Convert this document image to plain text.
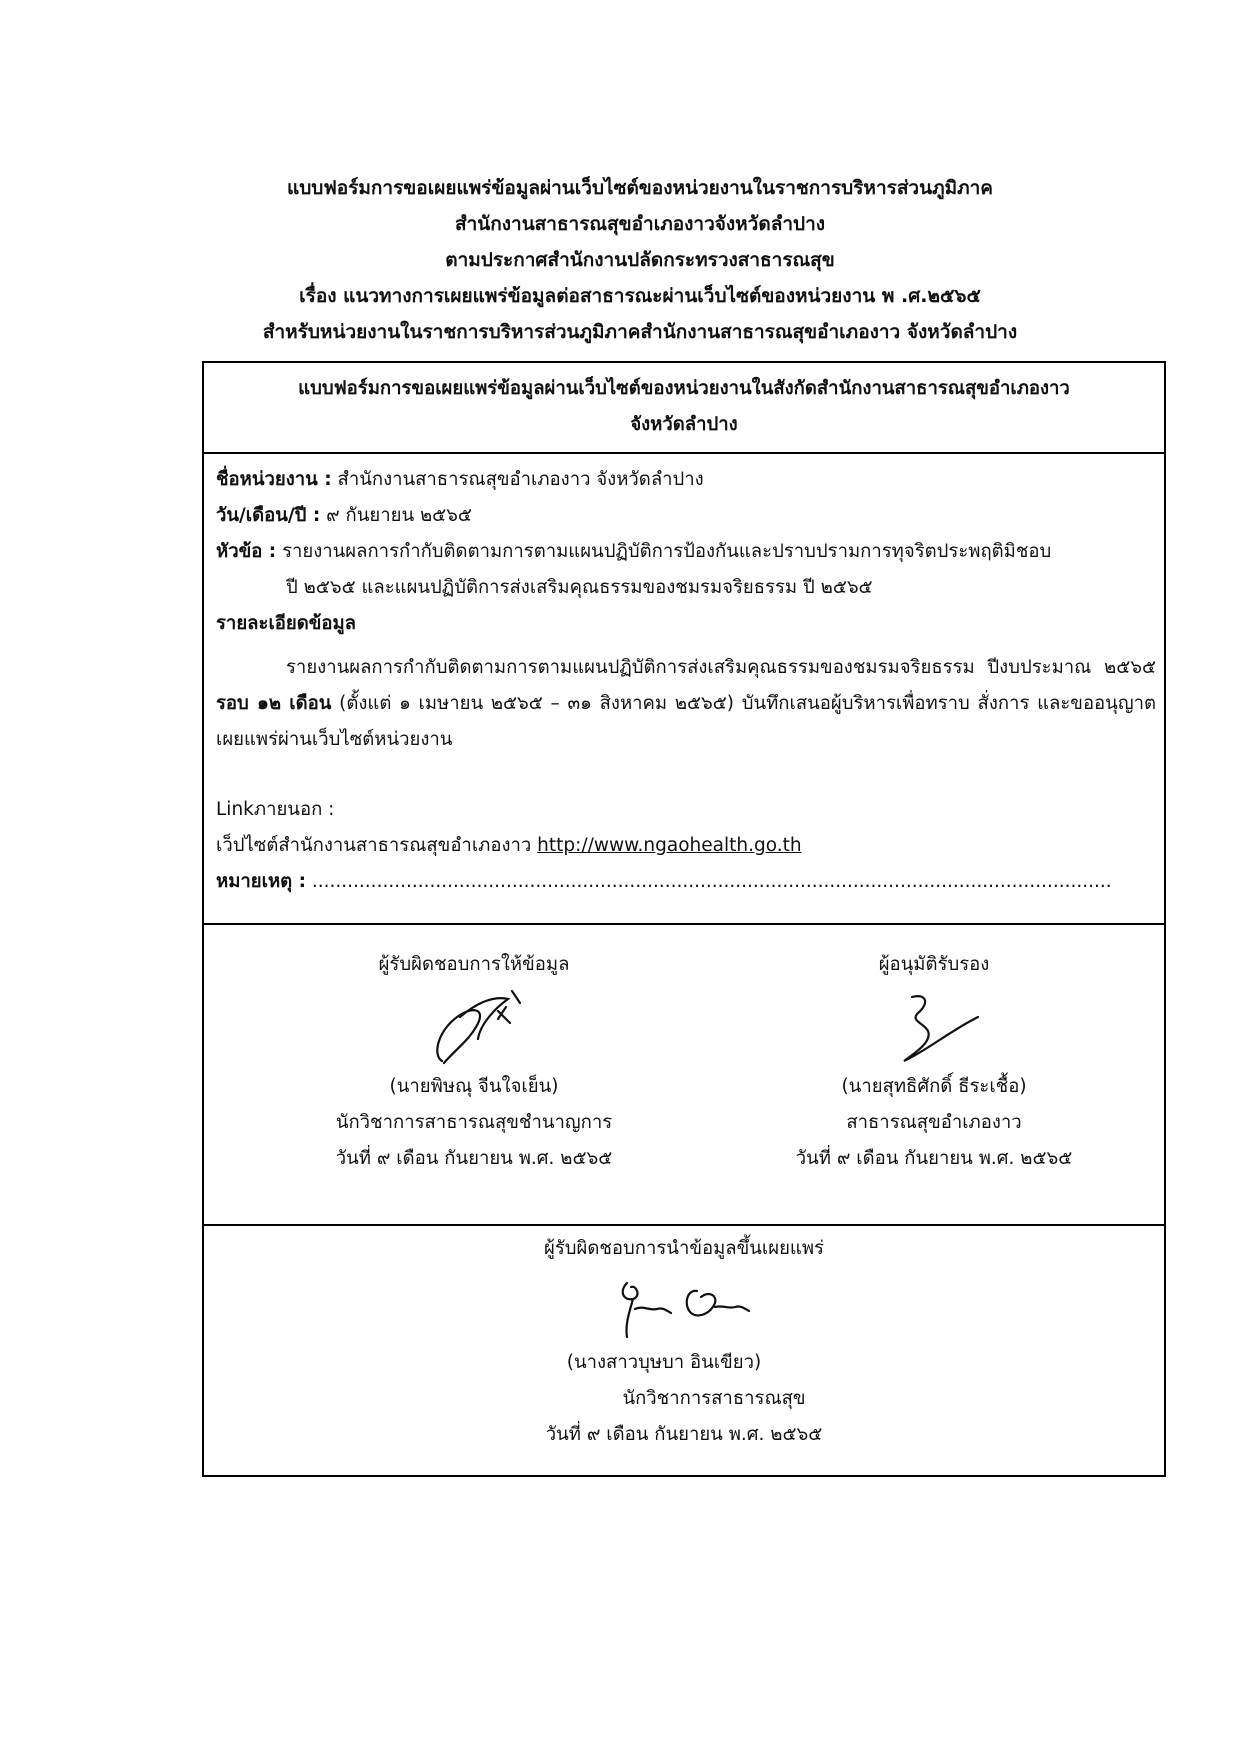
แบบฟอร์มการขอเผยแพร่ข้อมูลผ่านเว็บไซต์ของหน่วยงานในราชการบริหารส่วนภูมิภาค
สำนักงานสาธารณสุขอำเภองาวจังหวัดลำปาง
ตามประกาศสำนักงานปลัดกระทรวงสาธารณสุข
เรื่อง แนวทางการเผยแพร่ข้อมูลต่อสาธารณะผ่านเว็บไซต์ของหน่วยงาน พ .ศ.๒๕๖๕
สำหรับหน่วยงานในราชการบริหารส่วนภูมิภาคสำนักงานสาธารณสุขอำเภองาว จังหวัดลำปาง
แบบฟอร์มการขอเผยแพร่ข้อมูลผ่านเว็บไซต์ของหน่วยงานในสังกัดสำนักงานสาธารณสุขอำเภองาว
จังหวัดลำปาง
ชื่อหน่วยงาน : สำนักงานสาธารณสุขอำเภองาว จังหวัดลำปาง
วัน/เดือน/ปี : ๙ กันยายน ๒๕๖๕
หัวข้อ : รายงานผลการกำกับติดตามการตามแผนปฏิบัติการป้องกันและปราบปรามการทุจริตประพฤติมิชอบ
ปี ๒๕๖๕ และแผนปฏิบัติการส่งเสริมคุณธรรมของชมรมจริยธรรม ปี ๒๕๖๕
รายละเอียดข้อมูล
รายงานผลการกำกับติดตามการตามแผนปฏิบัติการส่งเสริมคุณธรรมของชมรมจริยธรรม ปีงบประมาณ ๒๕๖๕ รอบ ๑๒ เดือน (ตั้งแต่ ๑ เมษายน ๒๕๖๕ – ๓๑ สิงหาคม ๒๕๖๕) บันทึกเสนอผู้บริหารเพื่อทราบ สั่งการ และขออนุญาตเผยแพร่ผ่านเว็บไซต์หน่วยงาน
Linkภายนอก :
เว็ปไซต์สำนักงานสาธารณสุขอำเภองาว http://www.ngaohealth.go.th
หมายเหตุ : ........................................................................................................................................
ผู้รับผิดชอบการให้ข้อมูล
(นายพิษณุ จีนใจเย็น)
นักวิชาการสาธารณสุขชำนาญการ
วันที่ ๙ เดือน กันยายน พ.ศ. ๒๕๖๕
ผู้อนุมัติรับรอง
(นายสุทธิศักดิ์ ธีระเชื้อ)
สาธารณสุขอำเภองาว
วันที่ ๙ เดือน กันยายน พ.ศ. ๒๕๖๕
ผู้รับผิดชอบการนำข้อมูลขึ้นเผยแพร่
(นางสาวบุษบา อินเขียว)
นักวิชาการสาธารณสุข
วันที่ ๙ เดือน กันยายน พ.ศ. ๒๕๖๕
